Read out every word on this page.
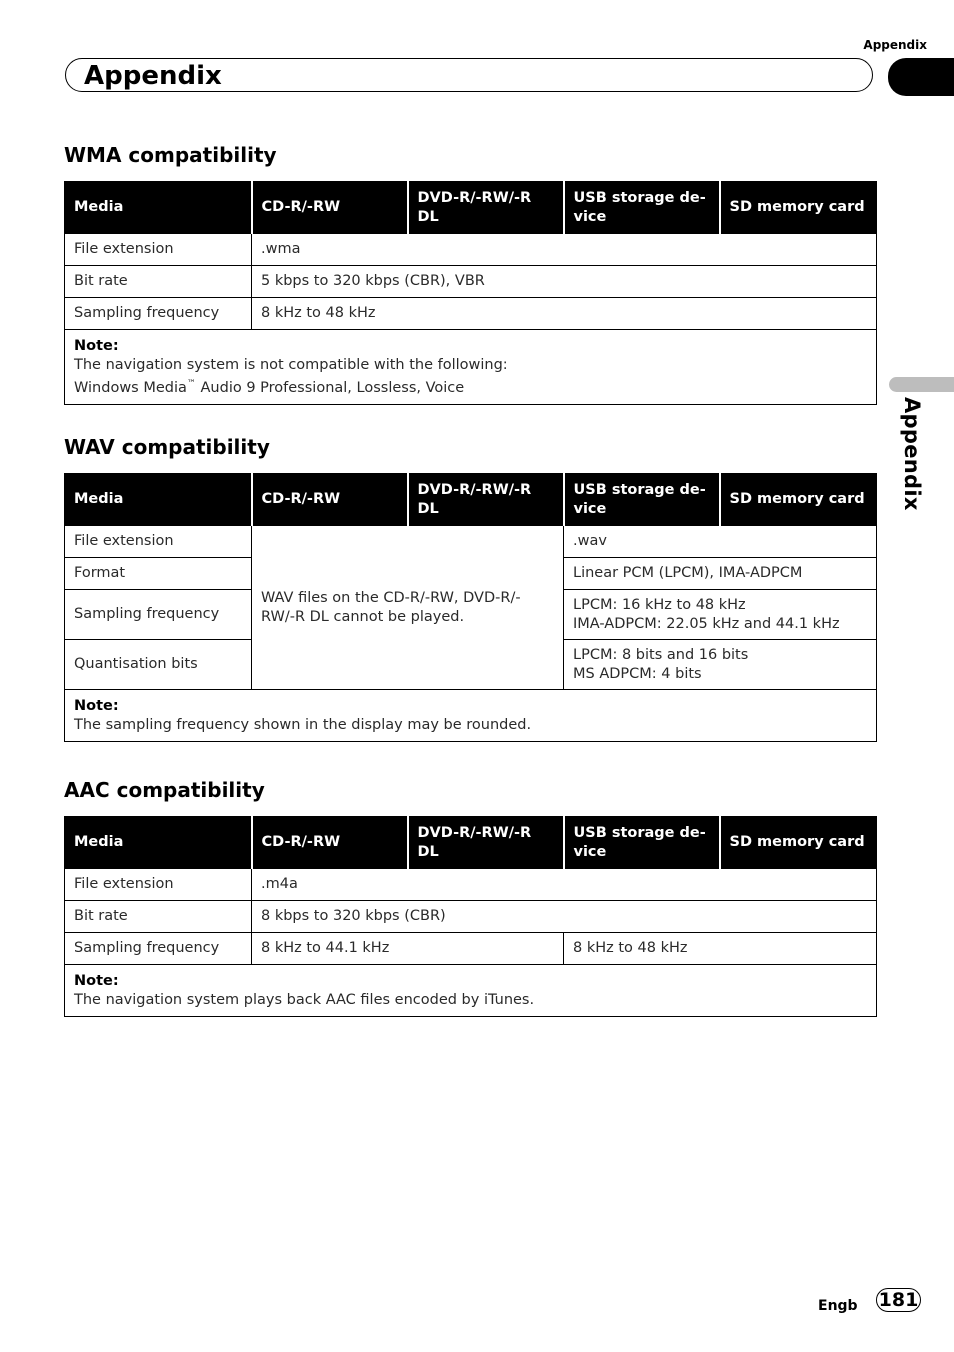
Appendix
Appendix
Appendix
WMA compatibility
Media	CD-R/-RW	DVD-R/-RW/-R DL	USB storage de-vice	SD memory card
File extension	.wma			
Bit rate	5 kbps to 320 kbps (CBR), VBR			
Sampling frequency	8 kHz to 48 kHz			

Note:
The navigation system is not compatible with the following:
Windows Media™ Audio 9 Professional, Lossless, Voice				
WAV compatibility
Media	CD-R/-RW	DVD-R/-RW/-R DL	USB storage de-vice	SD memory card
File extension	WAV files on the CD-R/-RW, DVD-R/-RW/-R DL cannot be played.		.wav	
Format			Linear PCM (LPCM), IMA-ADPCM	
Sampling frequency			LPCM: 16 kHz to 48 kHz
IMA-ADPCM: 22.05 kHz and 44.1 kHz	
Quantisation bits			LPCM: 8 bits and 16 bits
MS ADPCM: 4 bits	

Note:
The sampling frequency shown in the display may be rounded.				
AAC compatibility
Media	CD-R/-RW	DVD-R/-RW/-R DL	USB storage de-vice	SD memory card
File extension	.m4a			
Bit rate	8 kbps to 320 kbps (CBR)			
Sampling frequency	8 kHz to 44.1 kHz		8 kHz to 48 kHz	

Note:
The navigation system plays back AAC files encoded by iTunes.				
Engb 181
